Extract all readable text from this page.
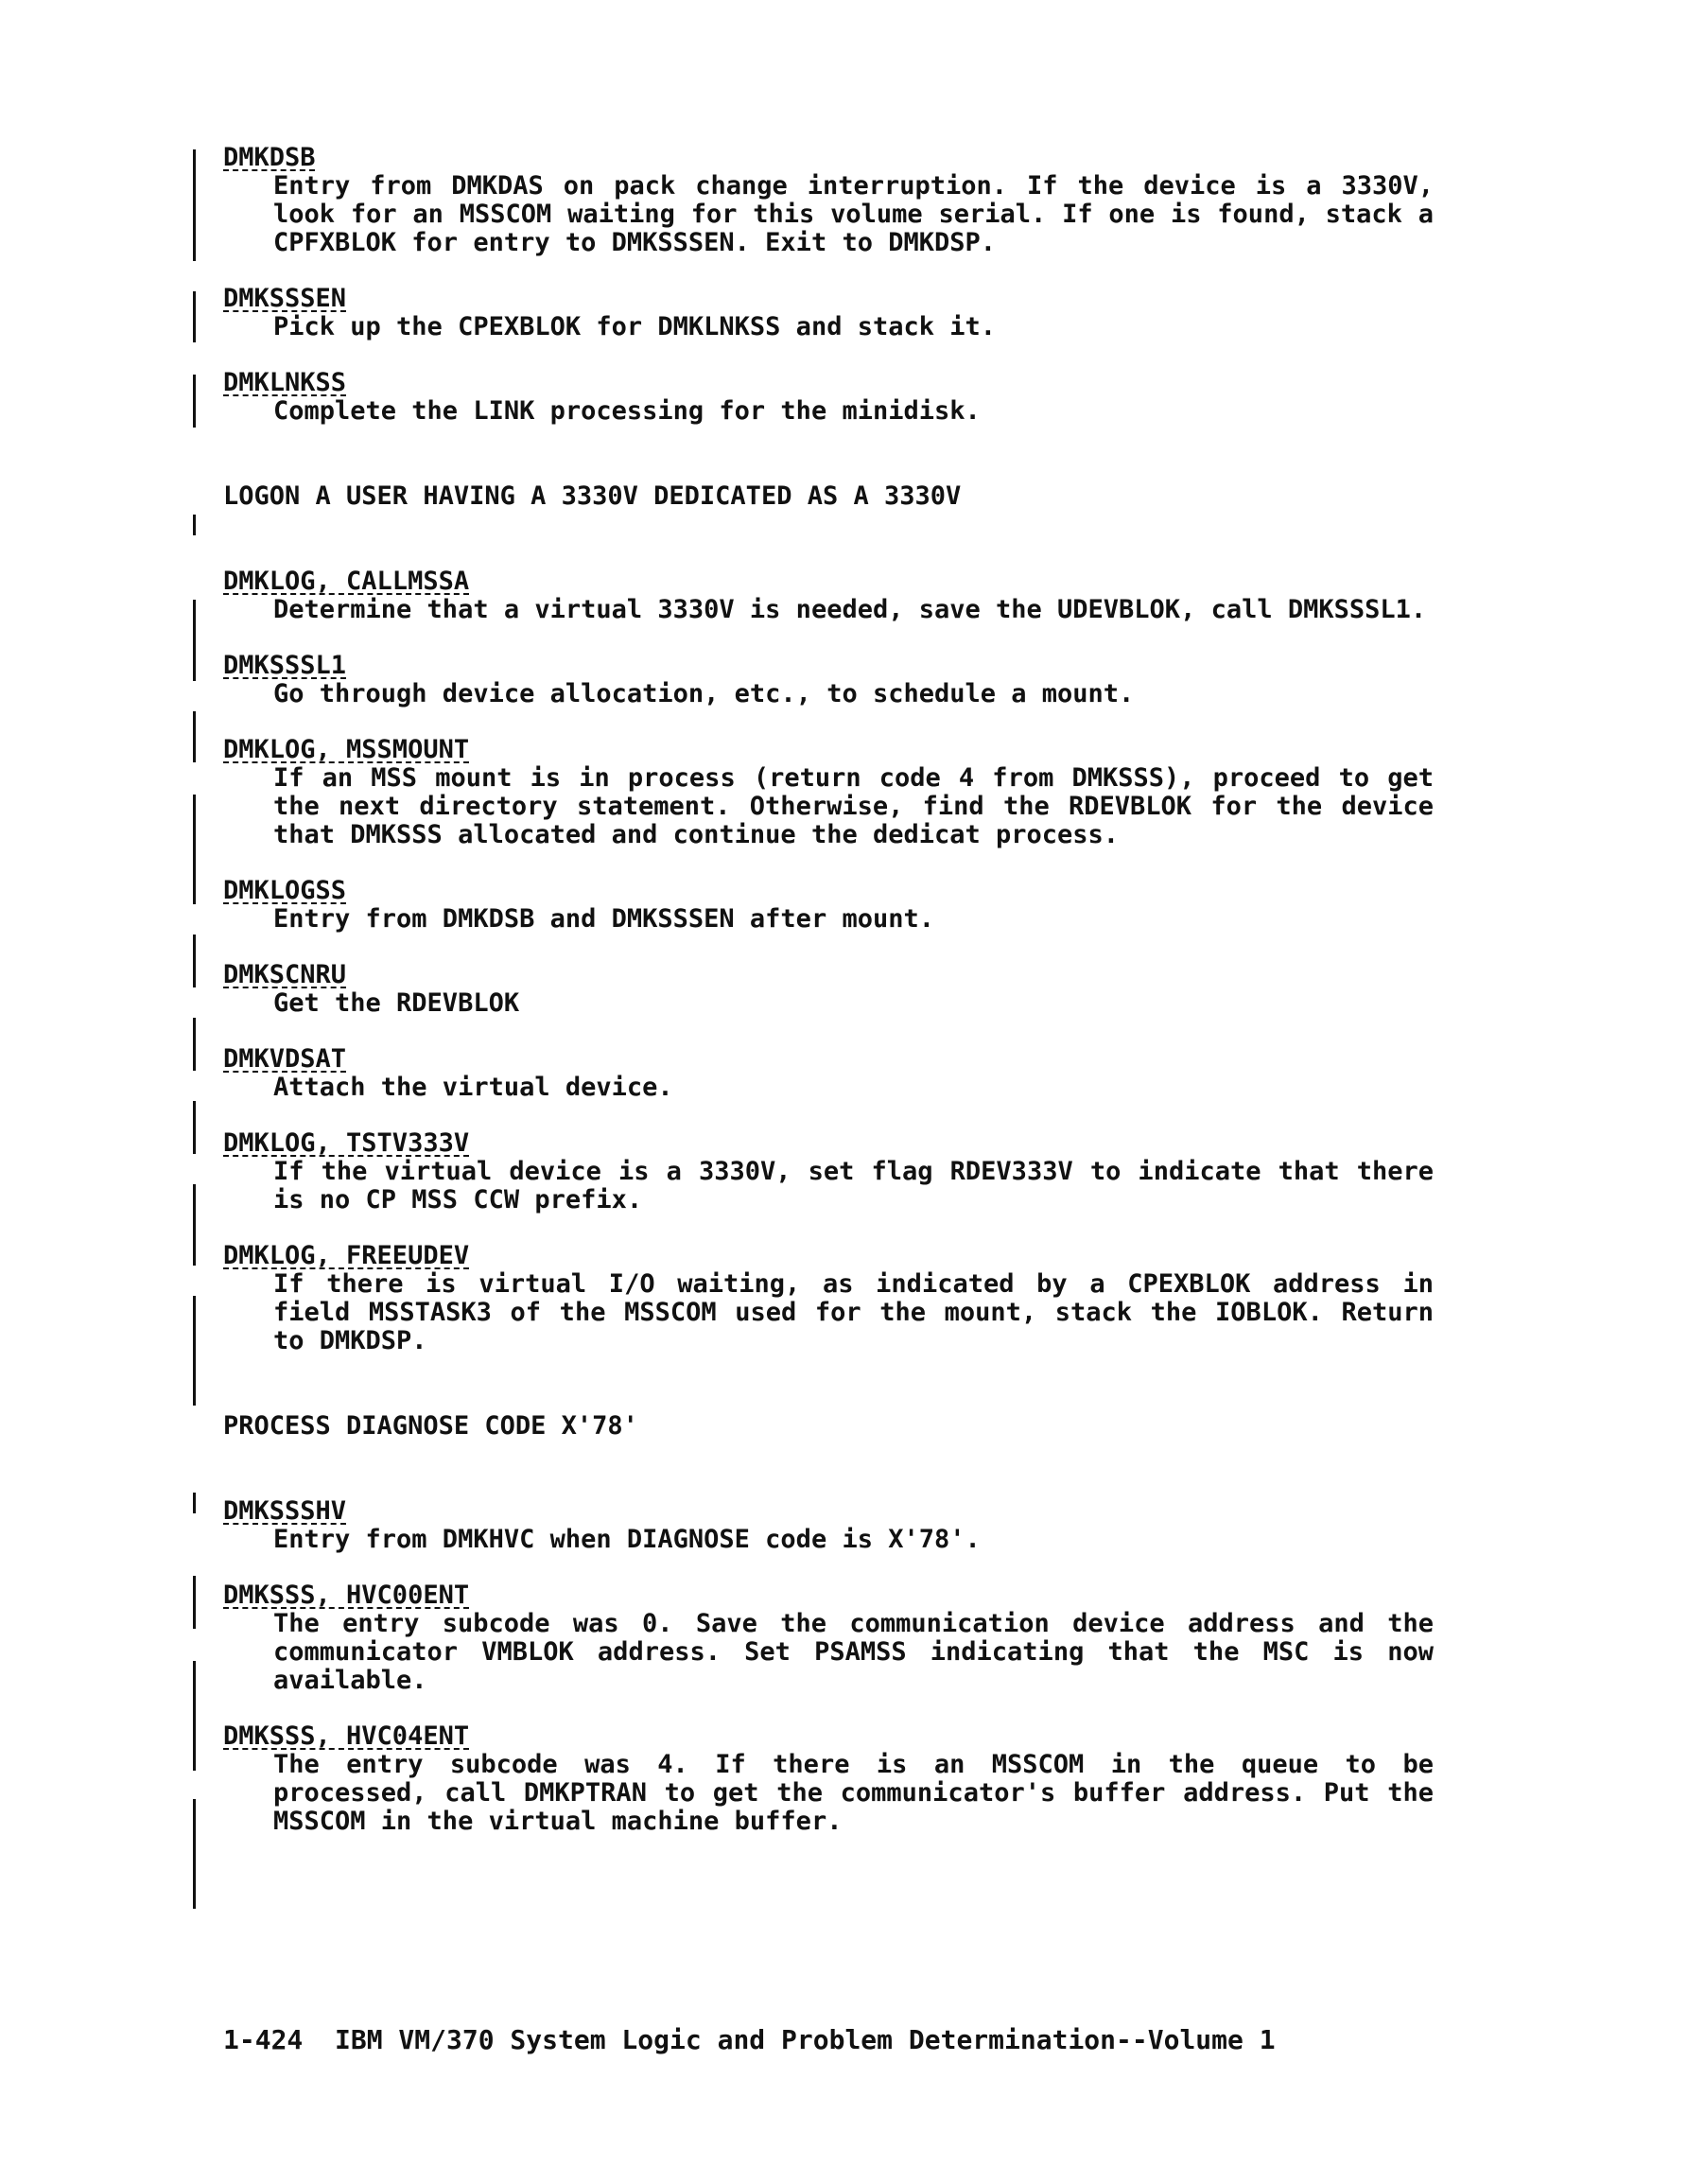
DMKDSB
Entry from DMKDAS on pack change interruption. If the device is a 3330V, look for an MSSCOM waiting for this volume serial. If one is found, stack a CPFXBLOK for entry to DMKSSSEN. Exit to DMKDSP.
DMKSSSEN
Pick up the CPEXBLOK for DMKLNKSS and stack it.
DMKLNKSS
Complete the LINK processing for the minidisk.
LOGON A USER HAVING A 3330V DEDICATED AS A 3330V
DMKLOG, CALLMSSA
Determine that a virtual 3330V is needed, save the UDEVBLOK, call DMKSSSL1.
DMKSSSL1
Go through device allocation, etc., to schedule a mount.
DMKLOG, MSSMOUNT
If an MSS mount is in process (return code 4 from DMKSSS), proceed to get the next directory statement. Otherwise, find the RDEVBLOK for the device that DMKSSS allocated and continue the dedicat process.
DMKLOGSS
Entry from DMKDSB and DMKSSSEN after mount.
DMKSCNRU
Get the RDEVBLOK
DMKVDSAT
Attach the virtual device.
DMKLOG, TSTV333V
If the virtual device is a 3330V, set flag RDEV333V to indicate that there is no CP MSS CCW prefix.
DMKLOG, FREEUDEV
If there is virtual I/O waiting, as indicated by a CPEXBLOK address in field MSSTASK3 of the MSSCOM used for the mount, stack the IOBLOK. Return to DMKDSP.
PROCESS DIAGNOSE CODE X'78'
DMKSSSHV
Entry from DMKHVC when DIAGNOSE code is X'78'.
DMKSSS, HVC00ENT
The entry subcode was 0. Save the communication device address and the communicator VMBLOK address. Set PSAMSS indicating that the MSC is now available.
DMKSSS, HVC04ENT
The entry subcode was 4. If there is an MSSCOM in the queue to be processed, call DMKPTRAN to get the communicator's buffer address. Put the MSSCOM in the virtual machine buffer.
1-424  IBM VM/370 System Logic and Problem Determination--Volume 1
